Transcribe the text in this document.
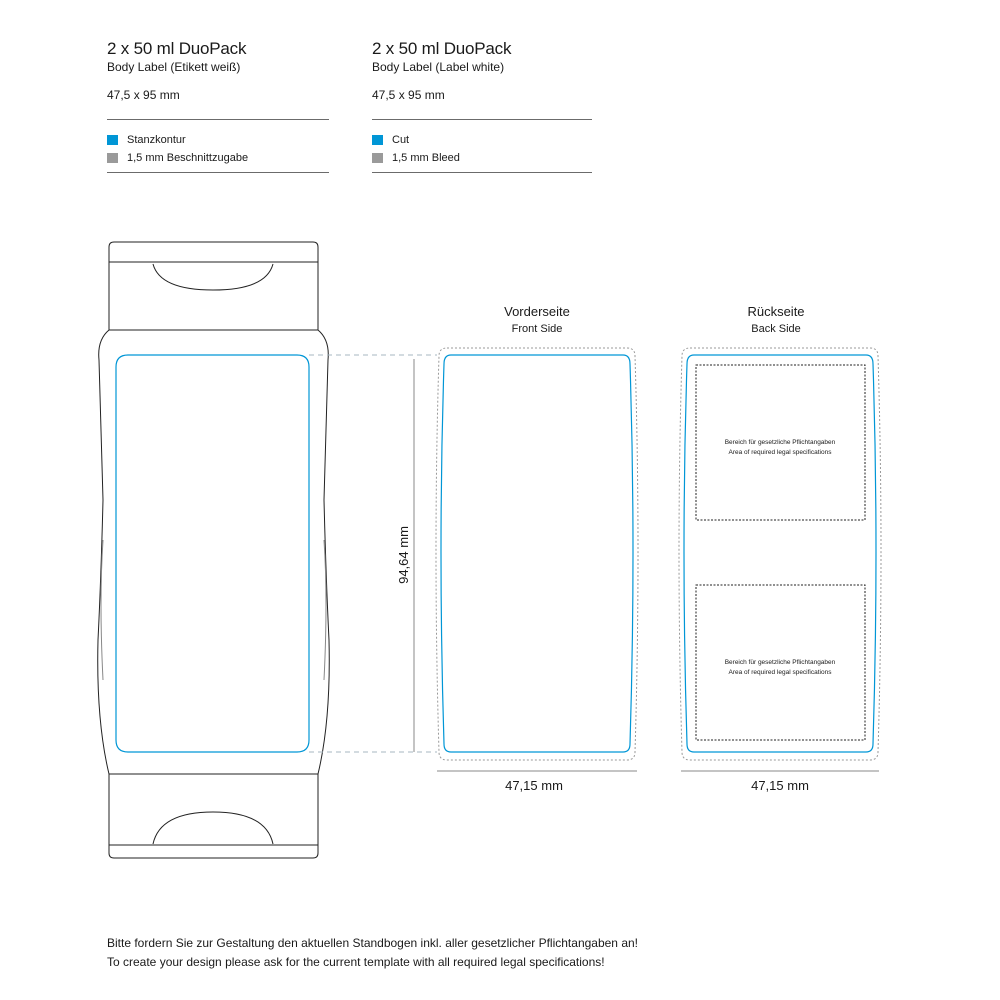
2 x 50 ml DuoPack
Body Label (Etikett weiß)
47,5 x 95 mm
Stanzkontur
1,5 mm Beschnittzugabe
2 x 50 ml DuoPack
Body Label (Label white)
47,5 x 95 mm
Cut
1,5 mm Bleed
94,64 mm
Vorderseite
Front Side
47,15 mm
Rückseite
Back Side
Bereich für gesetzliche Pflichtangaben
Area of required legal specifications
Bereich für gesetzliche Pflichtangaben
Area of required legal specifications
47,15 mm
Bitte fordern Sie zur Gestaltung den aktuellen Standbogen inkl. aller gesetzlicher Pflichtangaben an!
To create your design please ask for the current template with all required legal specifications!
